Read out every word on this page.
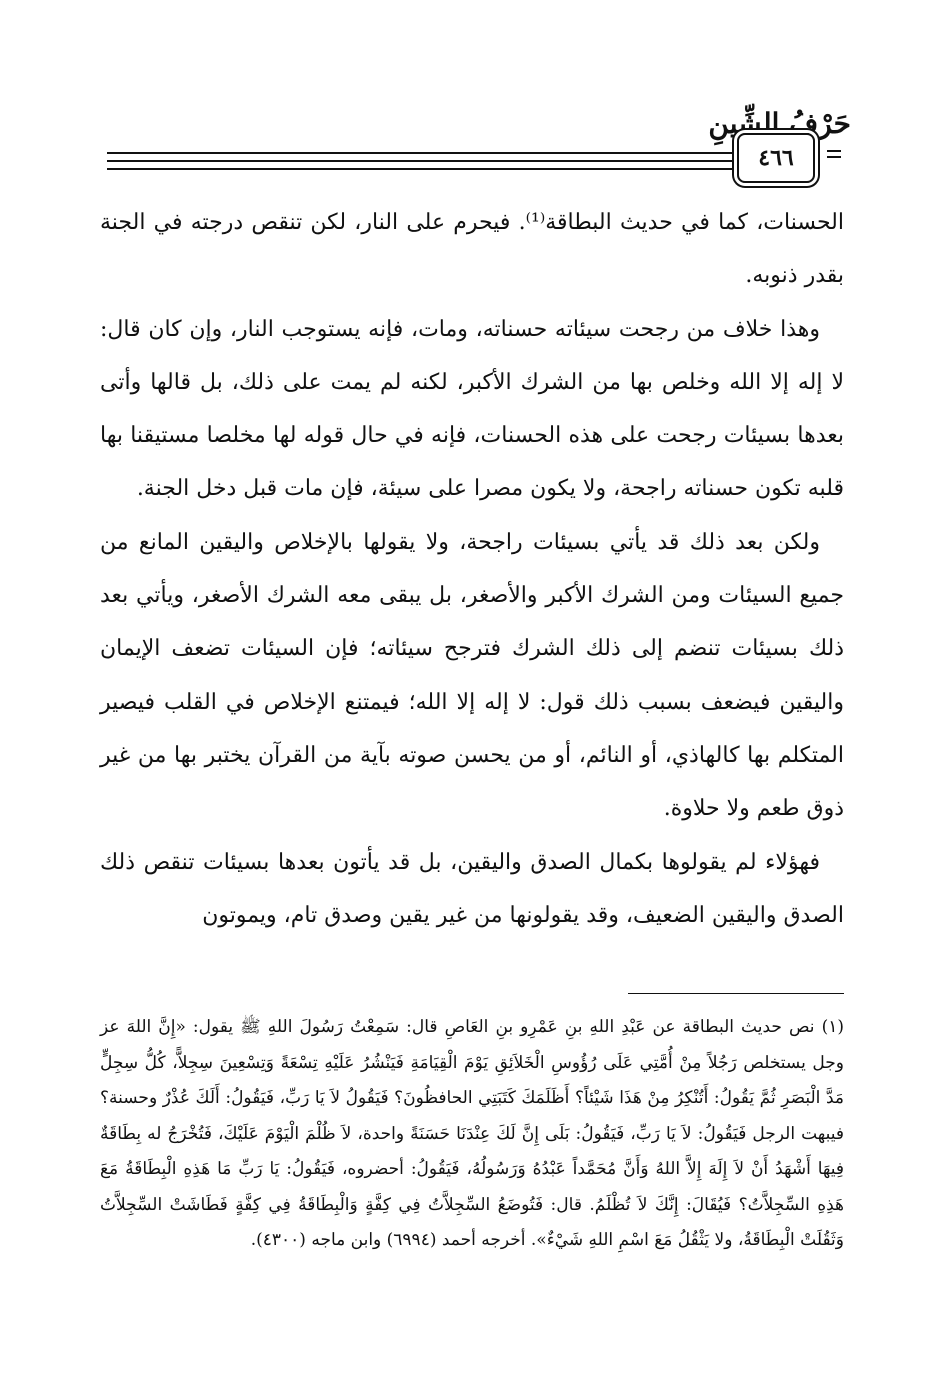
حَرْفُ الشِّينِ
٤٦٦

الحسنات، كما في حديث البطاقة⁽¹⁾. فيحرم على النار، لكن تنقص درجته في الجنة بقدر ذنوبه.

وهذا خلاف من رجحت سيئاته حسناته، ومات، فإنه يستوجب النار، وإن كان قال: لا إله إلا الله وخلص بها من الشرك الأكبر، لكنه لم يمت على ذلك، بل قالها وأتى بعدها بسيئات رجحت على هذه الحسنات، فإنه في حال قوله لها مخلصا مستيقنا بها قلبه تكون حسناته راجحة، ولا يكون مصرا على سيئة، فإن مات قبل دخل الجنة.

ولكن بعد ذلك قد يأتي بسيئات راجحة، ولا يقولها بالإخلاص واليقين المانع من جميع السيئات ومن الشرك الأكبر والأصغر، بل يبقى معه الشرك الأصغر، ويأتي بعد ذلك بسيئات تنضم إلى ذلك الشرك فترجح سيئاته؛ فإن السيئات تضعف الإيمان واليقين فيضعف بسبب ذلك قول: لا إله إلا الله؛ فيمتنع الإخلاص في القلب فيصير المتكلم بها كالهاذي، أو النائم، أو من يحسن صوته بآية من القرآن يختبر بها من غير ذوق طعم ولا حلاوة.

فهؤلاء لم يقولوها بكمال الصدق واليقين، بل قد يأتون بعدها بسيئات تنقص ذلك الصدق واليقين الضعيف، وقد يقولونها من غير يقين وصدق تام، ويموتون

(١) نص حديث البطاقة عن عَبْدِ اللهِ بنِ عَمْرِو بنِ العَاصِ قال: سَمِعْتُ رَسُولَ اللهِ ﷺ يقول: «إِنَّ اللهَ عز وجل يستخلص رَجُلاً مِنْ أُمَّتِي عَلَى رُؤُوسِ الْخَلاَئِقِ يَوْمَ الْقِيَامَةِ فَيَنْشُرُ عَلَيْهِ تِسْعَةً وَتِسْعِينَ سِجِلاًّ، كُلُّ سِجِلٍّ مَدَّ الْبَصَرِ ثُمَّ يَقُولُ: أَتُنْكِرُ مِنْ هَذَا شَيْئاً؟ أَظَلَمَكَ كَتَبَتِي الحافظُونَ؟ فَيَقُولُ لاَ يَا رَبِّ، فَيَقُولُ: أَلَكَ عُذْرٌ وحسنة؟ فيبهت الرجل فَيَقُولُ: لاَ يَا رَبِّ، فَيَقُولُ: بَلَى إِنَّ لَكَ عِنْدَنَا حَسَنَةً واحدة، لاَ ظُلْمَ الْيَوْمَ عَلَيْكَ، فَتُخْرَجُ له بِطَاقَةٌ فِيهَا أَشْهَدُ أَنْ لاَ إِلَهَ إِلاَّ اللهُ وَأَنَّ مُحَمَّداً عَبْدُهُ وَرَسُولُهُ، فَيَقُولُ: أحضروه، فَيَقُولُ: يَا رَبِّ مَا هَذِهِ الْبِطَاقَةُ مَعَ هَذِهِ السِّجِلاَّتُ؟ فَيُقَالَ: إِنَّكَ لاَ تُظْلَمُ. قال: فَتُوضَعُ السِّجِلاَّتُ فِي كِفَّةٍ وَالْبِطَاقَةُ فِي كِفَّةٍ فَطَاشَتْ السِّجِلاَّتُ وَثَقُلَتْ الْبِطَاقَةُ، ولا يَثْقُلُ مَعَ اسْمِ اللهِ شَيْءٌ». أخرجه أحمد (٦٩٩٤) وابن ماجه (٤٣٠٠).
